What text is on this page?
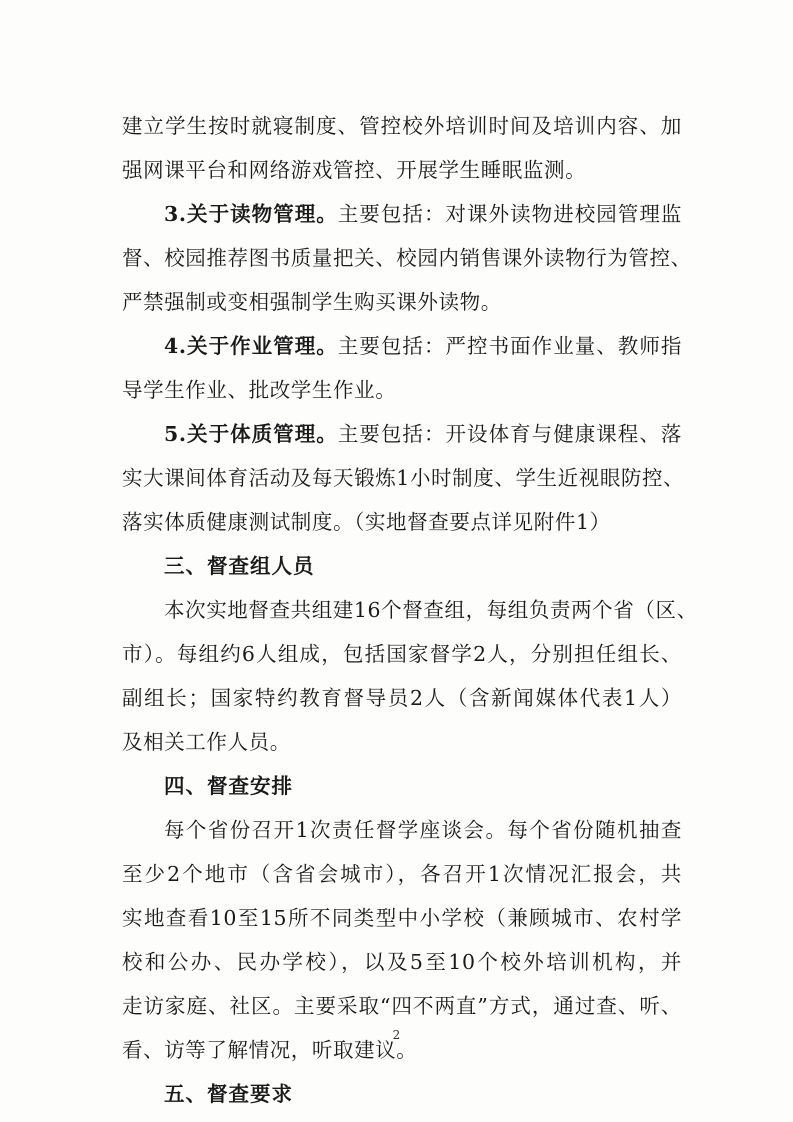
建立学生按时就寝制度、管控校外培训时间及培训内容、加
强网课平台和网络游戏管控、开展学生睡眠监测。
3.关于读物管理。主要包括：对课外读物进校园管理监
督、校园推荐图书质量把关、校园内销售课外读物行为管控、
严禁强制或变相强制学生购买课外读物。
4.关于作业管理。主要包括：严控书面作业量、教师指
导学生作业、批改学生作业。
5.关于体质管理。主要包括：开设体育与健康课程、落
实大课间体育活动及每天锻炼1小时制度、学生近视眼防控、
落实体质健康测试制度。（实地督查要点详见附件1）
三、督查组人员
本次实地督查共组建16个督查组，每组负责两个省（区、
市）。每组约6人组成，包括国家督学2人，分别担任组长、
副组长；国家特约教育督导员2人（含新闻媒体代表1人）
及相关工作人员。
四、督查安排
每个省份召开1次责任督学座谈会。每个省份随机抽查
至少2个地市（含省会城市），各召开1次情况汇报会，共
实地查看10至15所不同类型中小学校（兼顾城市、农村学
校和公办、民办学校），以及5至10个校外培训机构，并
走访家庭、社区。主要采取“四不两直”方式，通过查、听、
看、访等了解情况，听取建议。
五、督查要求
2
